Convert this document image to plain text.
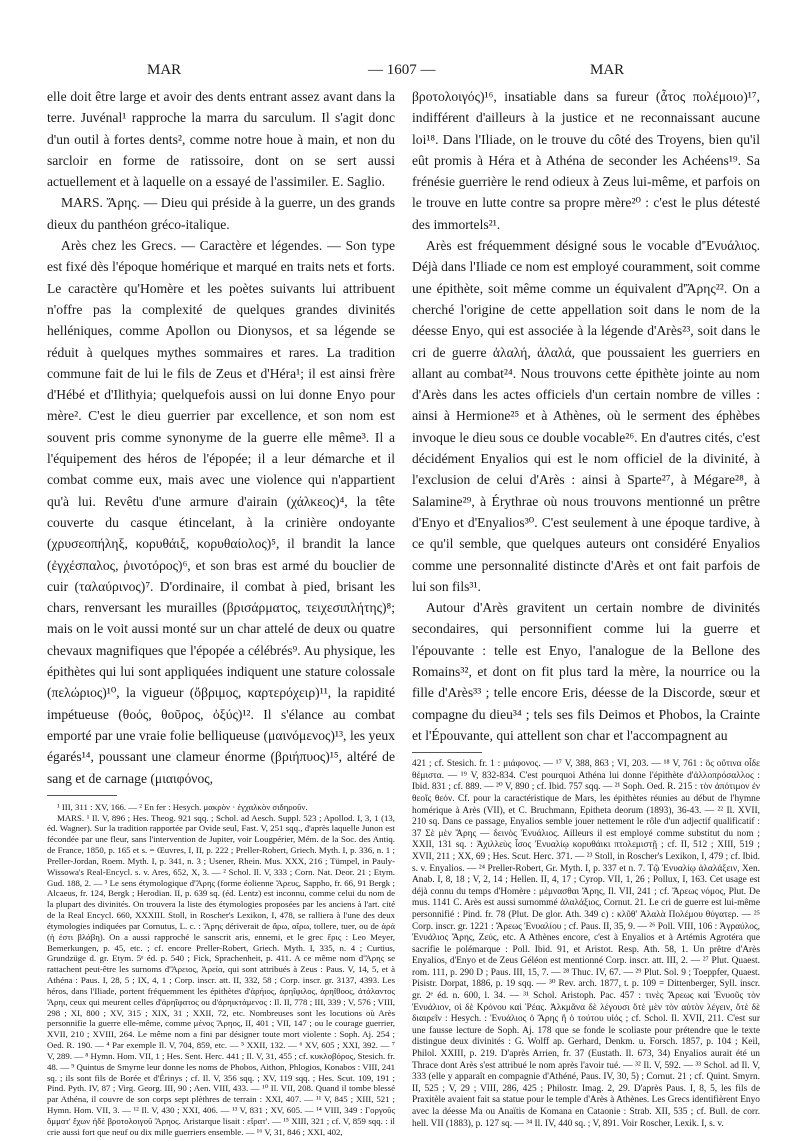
MAR	— 1607 —	MAR

elle doit être large et avoir des dents entrant assez avant dans la terre. Juvénal¹ rapproche la marra du sarculum. Il s'agit donc d'un outil à fortes dents², comme notre houe à main, et non du sarcloir en forme de ratissoire, dont on se sert aussi actuellement et à laquelle on a essayé de l'assimiler. E. Saglio.

MARS. Ἄρης. — Dieu qui préside à la guerre, un des grands dieux du panthéon gréco-italique.

Arès chez les Grecs. — Caractère et légendes. — Son type est fixé dès l'époque homérique et marqué en traits nets et forts. Le caractère qu'Homère et les poètes suivants lui attribuent n'offre pas la complexité de quelques grandes divinités helléniques, comme Apollon ou Dionysos, et sa légende se réduit à quelques mythes sommaires et rares. La tradition commune fait de lui le fils de Zeus et d'Héra¹; il est ainsi frère d'Hébé et d'Ilithyia; quelquefois aussi on lui donne Enyo pour mère². C'est le dieu guerrier par excellence, et son nom est souvent pris comme synonyme de la guerre elle même³. Il a l'équipement des héros de l'épopée; il a leur démarche et il combat comme eux, mais avec une violence qui n'appartient qu'à lui. Revêtu d'une armure d'airain (χάλκεος)⁴, la tête couverte du casque étincelant, à la crinière ondoyante (χρυσεοπήληξ, κορυθάιξ, κορυθαίολος)⁵, il brandit la lance (ἐγχέσπαλος, ῥινοτόρος)⁶, et son bras est armé du bouclier de cuir (ταλαύρινος)⁷. D'ordinaire, il combat à pied, brisant les chars, renversant les murailles (βρισάρματος, τειχεσιπλήτης)⁸; mais on le voit aussi monté sur un char attelé de deux ou quatre chevaux magnifiques que l'épopée a célébrés⁹. Au physique, les épithètes qui lui sont appliquées indiquent une stature colossale (πελώριος)¹⁰, la vigueur (ὄβριμος, καρτερόχειρ)¹¹, la rapidité impétueuse (θοός, θοῦρος, ὀξύς)¹². Il s'élance au combat emporté par une vraie folie belliqueuse (μαινόμενος)¹³, les yeux égarés¹⁴, poussant une clameur énorme (βριήπυος)¹⁵, altéré de sang et de carnage (μιαιφόνος,

¹ III, 311 : XV, 166. — ² En fer : Hesych. μακρὸν · ἐγχαλκὸν σιδηροῦν.

MARS. ¹ Il. V, 896 ; Hes. Theog. 921 sqq. ; Schol. ad Aesch. Suppl. 523 ; Apollod. I, 3, 1 (13, éd. Wagner). Sur la tradition rapportée par Ovide seul, Fast. V, 251 sqq., d'après laquelle Junon est fécondée par une fleur, sans l'intervention de Jupiter, voir Lougpérier, Mém. de la Soc. des Antiq. de France, 1850, p. 165 et s. = Œuvres, I, II, p. 222 ; Preller-Robert, Griech. Myth. I, p. 336, n. 1 ; Preller-Jordan, Roem. Myth. I, p. 341, n. 3 ; Usener, Rhein. Mus. XXX, 216 ; Tümpel, in Pauly-Wissowa's Real-Encycl. s. v. Ares, 652, X, 3. — ² Schol. Il. V, 333 ; Corn. Nat. Deor. 21 ; Etym. Gud. 188, 2. — ³ Le sens étymologique d'Ἄρης (forme éolienne Ἄρευς, Sappho, fr. 66, 91 Bergk ; Alcaeus, fr. 124, Bergk ; Herodian. II, p. 639 sq. (éd. Lentz) est inconnu, comme celui du nom de la plupart des divinités. On trouvera la liste des étymologies proposées par les anciens à l'art. cité de la Real Encycl. 660, XXXIII. Stoll, in Roscher's Lexikon, I, 478, se ralliera à l'une des deux étymologies indiquées par Cornutus, L. c. : Ἄρης dériverait de ἄρω, αἴρω, tollere, tuer, ou de ἀρά (ἡ ἐστι βλάβη). On a aussi rapproché le sanscrit aris, ennemi, et le grec ἔρις : Leo Meyer, Bemerkungen, p. 45, etc. ; cf. encore Preller-Robert, Griech. Myth. I, 335, n. 4 ; Curtius, Grundzüge d. gr. Etym. 5ᵉ éd. p. 540 ; Fick, Sprachenheit, p. 411. A ce même nom d'Ἄρης se rattachent peut-être les surnoms d'Ἄρειος, Ἀρεία, qui sont attribués à Zeus : Paus. V, 14, 5, et à Athéna : Paus. I, 28, 5 ; IX, 4, 1 ; Corp. inscr. att. II, 332, 58 ; Corp. inscr. gr. 3137, 4393. Les héros, dans l'Iliade, portent fréquemment les épithètes d'ἀρήιος, ἀρηΐφιλος, ἀρηΐθοος, ἀτάλαντος Ἄρηι, ceux qui meurent celles d'ἀρηΐφατος ou d'ἀρηικτάμενος : Il. II, 778 ; III, 339 ; V, 576 ; VIII, 298 ; XI, 800 ; XV, 315 ; XIX, 31 ; XXII, 72, etc. Nombreuses sont les locutions où Arès personnifie la guerre elle-même, comme μένος Ἄρηος, II, 401 ; VII, 147 ; ou le courage guerrier, XVII, 210 ; XVIII, 264. Le même nom a fini par désigner toute mort violente : Soph. Aj. 254 ; Oed. R. 190. — ⁴ Par exemple Il. V, 704, 859, etc. — ⁵ XXII, 132. — ⁶ XV, 605 ; XXI, 392. — ⁷ V, 289. — ⁸ Hymn. Hom. VII, 1 ; Hes. Sent. Herc. 441 ; Il. V, 31, 455 ; cf. κυκλοβόρος, Stesich. fr. 48. — ⁹ Quintus de Smyrne leur donne les noms de Phobos, Aithon, Phlogios, Konabos : VIII, 241 sq. ; ils sont fils de Borée et d'Érinys ; cf. Il. V, 356 sqq. ; XV, 119 sqq. ; Hes. Scut. 109, 191 ; Pind. Pyth. IV, 87 ; Virg. Georg. III, 90 ; Aen. VIII, 433. — ¹⁰ Il. VII, 208. Quand il tombe blessé par Athéna, il couvre de son corps sept plèthres de terrain : XXI, 407. — ¹¹ V, 845 ; XIII, 521 ; Hymn. Hom. VII, 3. — ¹² Il. V, 430 ; XXI, 406. — ¹³ V, 831 ; XV, 605. — ¹⁴ VIII, 349 : Γοργοῦς ὄμματ' ἔχων ἠδὲ βροτολοιγοῦ Ἄρηος. Aristarque lisait : εἴρατ'. — ¹⁵ XIII, 321 ; cf. V, 859 sqq. : il crie aussi fort que neuf ou dix mille guerriers ensemble. — ¹⁶ V, 31, 846 ; XXI, 402,

βροτολοιγός)¹⁶, insatiable dans sa fureur (ἆτος πολέμοιο)¹⁷, indifférent d'ailleurs à la justice et ne reconnaissant aucune loi¹⁸. Dans l'Iliade, on le trouve du côté des Troyens, bien qu'il eût promis à Héra et à Athéna de seconder les Achéens¹⁹. Sa frénésie guerrière le rend odieux à Zeus lui-même, et parfois on le trouve en lutte contre sa propre mère²⁰ : c'est le plus détesté des immortels²¹.

Arès est fréquemment désigné sous le vocable d'Ἐνυάλιος. Déjà dans l'Iliade ce nom est employé couramment, soit comme une épithète, soit même comme un équivalent d'Ἄρης²². On a cherché l'origine de cette appellation soit dans le nom de la déesse Enyo, qui est associée à la légende d'Arès²³, soit dans le cri de guerre ἀλαλή, ἀλαλά, que poussaient les guerriers en allant au combat²⁴. Nous trouvons cette épithète jointe au nom d'Arès dans les actes officiels d'un certain nombre de villes : ainsi à Hermione²⁵ et à Athènes, où le serment des éphèbes invoque le dieu sous ce double vocable²⁶. En d'autres cités, c'est décidément Enyalios qui est le nom officiel de la divinité, à l'exclusion de celui d'Arès : ainsi à Sparte²⁷, à Mégare²⁸, à Salamine²⁹, à Érythrae où nous trouvons mentionné un prêtre d'Enyo et d'Enyalios³⁰. C'est seulement à une époque tardive, à ce qu'il semble, que quelques auteurs ont considéré Enyalios comme une personnalité distincte d'Arès et ont fait parfois de lui son fils³¹.

Autour d'Arès gravitent un certain nombre de divinités secondaires, qui personnifient comme lui la guerre et l'épouvante : telle est Enyo, l'analogue de la Bellone des Romains³², et dont on fit plus tard la mère, la nourrice ou la fille d'Arès³³ ; telle encore Eris, déesse de la Discorde, sœur et compagne du dieu³⁴ ; tels ses fils Deimos et Phobos, la Crainte et l'Épouvante, qui attellent son char et l'accompagnent au

421 ; cf. Stesich. fr. 1 : μιάφονος. — ¹⁷ V, 388, 863 ; VI, 203. — ¹⁸ V, 761 : ὃς οὔτινα οἶδε θέμιστα. — ¹⁹ V, 832-834. C'est pourquoi Athéna lui donne l'épithète d'ἀλλοπρόσαλλος : Ibid. 831 ; cf. 889. — ²⁰ V, 890 ; cf. Ibid. 757 sqq. — ²¹ Soph. Oed. R. 215 : τὸν ἀπότιμον ἐν θεοῖς θεόν. Cf. pour la caractéristique de Mars, les épithètes réunies au début de l'hymne homérique à Arès (VII), et C. Bruchmann, Epitheta deorum (1893), 36-43. — ²² Il. XVII, 210 sq. Dans ce passage, Enyalios semble jouer nettement le rôle d'un adjectif qualificatif : 37 Σὲ μὲν Ἄρης — δεινὸς Ἐνυάλιος. Ailleurs il est employé comme substitut du nom ; XXII, 131 sq. : Ἀχιλλεὺς ἶσος Ἐνυαλίῳ κορυθάικι πτολεμιστῇ ; cf. II, 512 ; XIII, 519 ; XVII, 211 ; XX, 69 ; Hes. Scut. Herc. 371. — ²³ Stoll, in Roscher's Lexikon, I, 479 ; cf. Ibid. s. v. Enyalios. — ²⁴ Preller-Robert, Gr. Myth. I, p. 337 et n. 7. Τῷ Ἐνυαλίῳ ἀλαλάξειν, Xen. Anab. I, 8, 18 ; V, 2, 14 ; Hellen. II, 4, 17 ; Cyrop. VII, 1, 26 ; Pollux, I, 163. Cet usage est déjà connu du temps d'Homère : μέμνασθαι Ἄρης, Il. VII, 241 ; cf. Ἄρεως νόμος, Plut. De mus. 1141 C. Arès est aussi surnommé ἀλαλάξιος, Cornut. 21. Le cri de guerre est lui-même personnifié : Pind. fr. 78 (Plut. De glor. Ath. 349 c) : κλῦθ' Ἀλαλὰ Πολέμου θύγατερ. — ²⁵ Corp. inscr. gr. 1221 : Ἄρεως Ἐνυαλίου ; cf. Paus. II, 35, 9. — ²⁶ Poll. VIII, 106 : Ἀγραύλος, Ἐνυάλιος Ἄρης, Ζεύς, etc. A Athènes encore, c'est à Enyalios et à Artémis Agrotéra que sacrifie le polémarque : Poll. Ibid. 91, et Aristot. Resp. Ath. 58, 1. Un prêtre d'Arès Enyalios, d'Enyo et de Zeus Géléon est mentionné Corp. inscr. att. III, 2. — ²⁷ Plut. Quaest. rom. 111, p. 290 D ; Paus. III, 15, 7. — ²⁸ Thuc. IV, 67. — ²⁹ Plut. Sol. 9 ; Toeppfer, Quaest. Pisistr. Dorpat, 1886, p. 19 sqq. — ³⁰ Rev. arch. 1877, t. p. 109 = Dittenberger, Syll. inscr. gr. 2ᵉ éd. n. 600, l. 34. — ³¹ Schol. Aristoph. Pac. 457 : τινὲς Ἄρεως καὶ Ἐνυοῦς τὸν Ἐνυάλιον, οἱ δὲ Κρόνου καὶ Ῥέας. Ἀλκμᾶνα δὲ λέγουσι ὅτὲ μὲν τὸν αὐτὸν λέγειν, ὅτὲ δὲ διαιρεῖν : Hesych. : Ἐνυάλιος ὁ Ἄρης ἢ ὁ τούτου υἱός ; cf. Schol. Il. XVII, 211. C'est sur une fausse lecture de Soph. Aj. 178 que se fonde le scoliaste pour prétendre que le texte distingue deux divinités : G. Wolff ap. Gerhard, Denkm. u. Forsch. 1857, p. 104 ; Keil, Philol. XXIII, p. 219. D'après Arrien, fr. 37 (Eustath. Il. 673, 34) Enyalios aurait été un Thrace dont Arès s'est attribué le nom après l'avoir tué. — ³² Il. V, 592. — ³³ Schol. ad Il. V, 333 (elle y apparaît en compagnie d'Athéné, Paus. IV, 30, 5) ; Cornut. 21 ; cf. Quint. Smyrn. II, 525 ; V, 29 ; VIII, 286, 425 ; Philostr. Imag. 2, 29. D'après Paus. I, 8, 5, les fils de Praxitèle avaient fait sa statue pour le temple d'Arès à Athènes. Les Grecs identifièrent Enyo avec la déesse Ma ou Anaïtis de Komana en Cataonie : Strab. XII, 535 ; cf. Bull. de corr. hell. VII (1883), p. 127 sq. — ³⁴ Il. IV, 440 sq. ; V, 891. Voir Roscher, Lexik. I, s. v.
